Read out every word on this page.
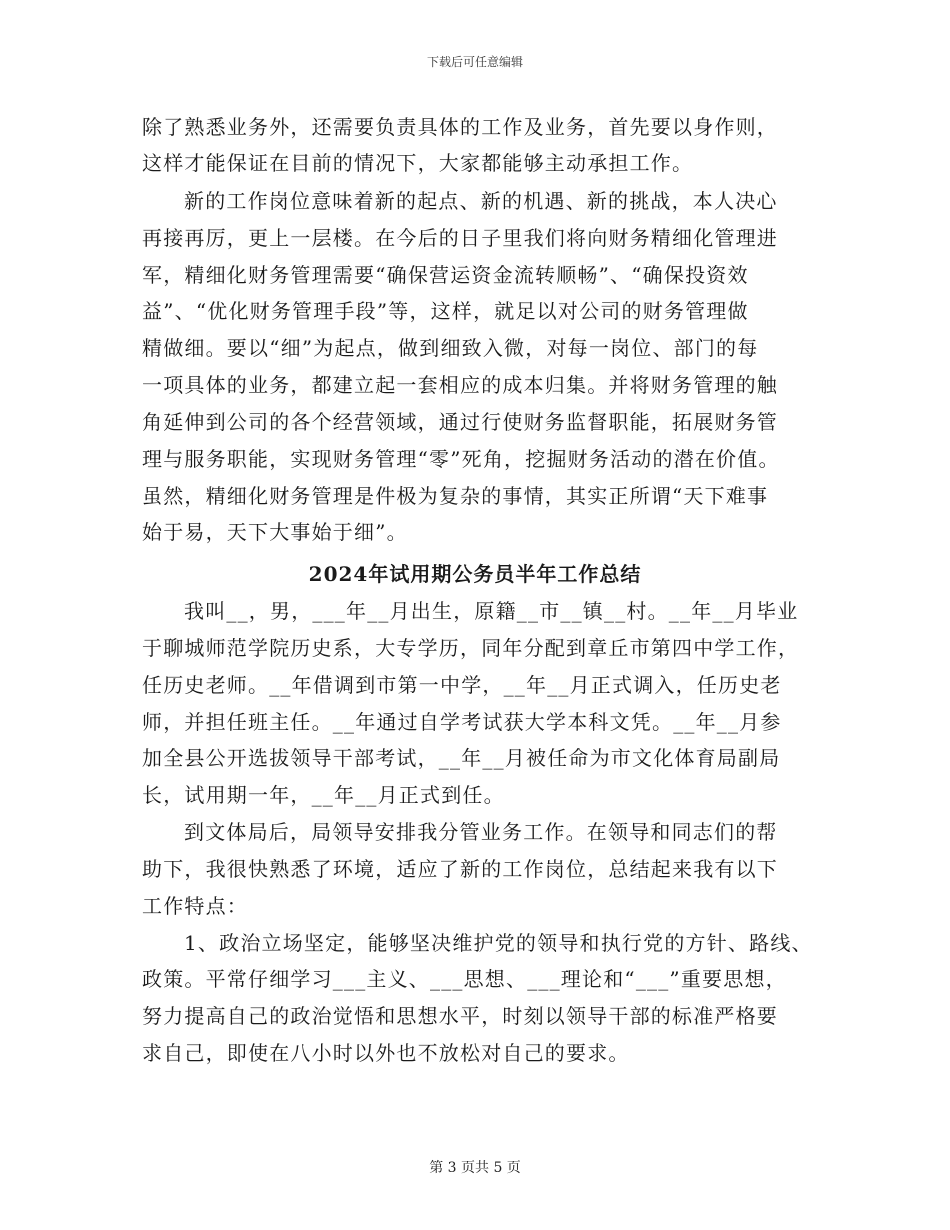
下载后可任意编辑
除了熟悉业务外，还需要负责具体的工作及业务，首先要以身作则，
这样才能保证在目前的情况下，大家都能够主动承担工作。
新的工作岗位意味着新的起点、新的机遇、新的挑战，本人决心
再接再厉，更上一层楼。在今后的日子里我们将向财务精细化管理进
军，精细化财务管理需要“确保营运资金流转顺畅”、“确保投资效
益”、“优化财务管理手段”等，这样，就足以对公司的财务管理做
精做细。要以“细”为起点，做到细致入微，对每一岗位、部门的每
一项具体的业务，都建立起一套相应的成本归集。并将财务管理的触
角延伸到公司的各个经营领域，通过行使财务监督职能，拓展财务管
理与服务职能，实现财务管理“零”死角，挖掘财务活动的潜在价值。
虽然，精细化财务管理是件极为复杂的事情，其实正所谓“天下难事
始于易，天下大事始于细”。
2024年试用期公务员半年工作总结
我叫__，男，___年__月出生，原籍__市__镇__村。__年__月毕业
于聊城师范学院历史系，大专学历，同年分配到章丘市第四中学工作，
任历史老师。__年借调到市第一中学，__年__月正式调入，任历史老
师，并担任班主任。__年通过自学考试获大学本科文凭。__年__月参
加全县公开选拔领导干部考试，__年__月被任命为市文化体育局副局
长，试用期一年，__年__月正式到任。
到文体局后，局领导安排我分管业务工作。在领导和同志们的帮
助下，我很快熟悉了环境，适应了新的工作岗位，总结起来我有以下
工作特点：
1、政治立场坚定，能够坚决维护党的领导和执行党的方针、路线、
政策。平常仔细学习___主义、___思想、___理论和“___”重要思想，
努力提高自己的政治觉悟和思想水平，时刻以领导干部的标准严格要
求自己，即使在八小时以外也不放松对自己的要求。
第 3 页共 5 页
